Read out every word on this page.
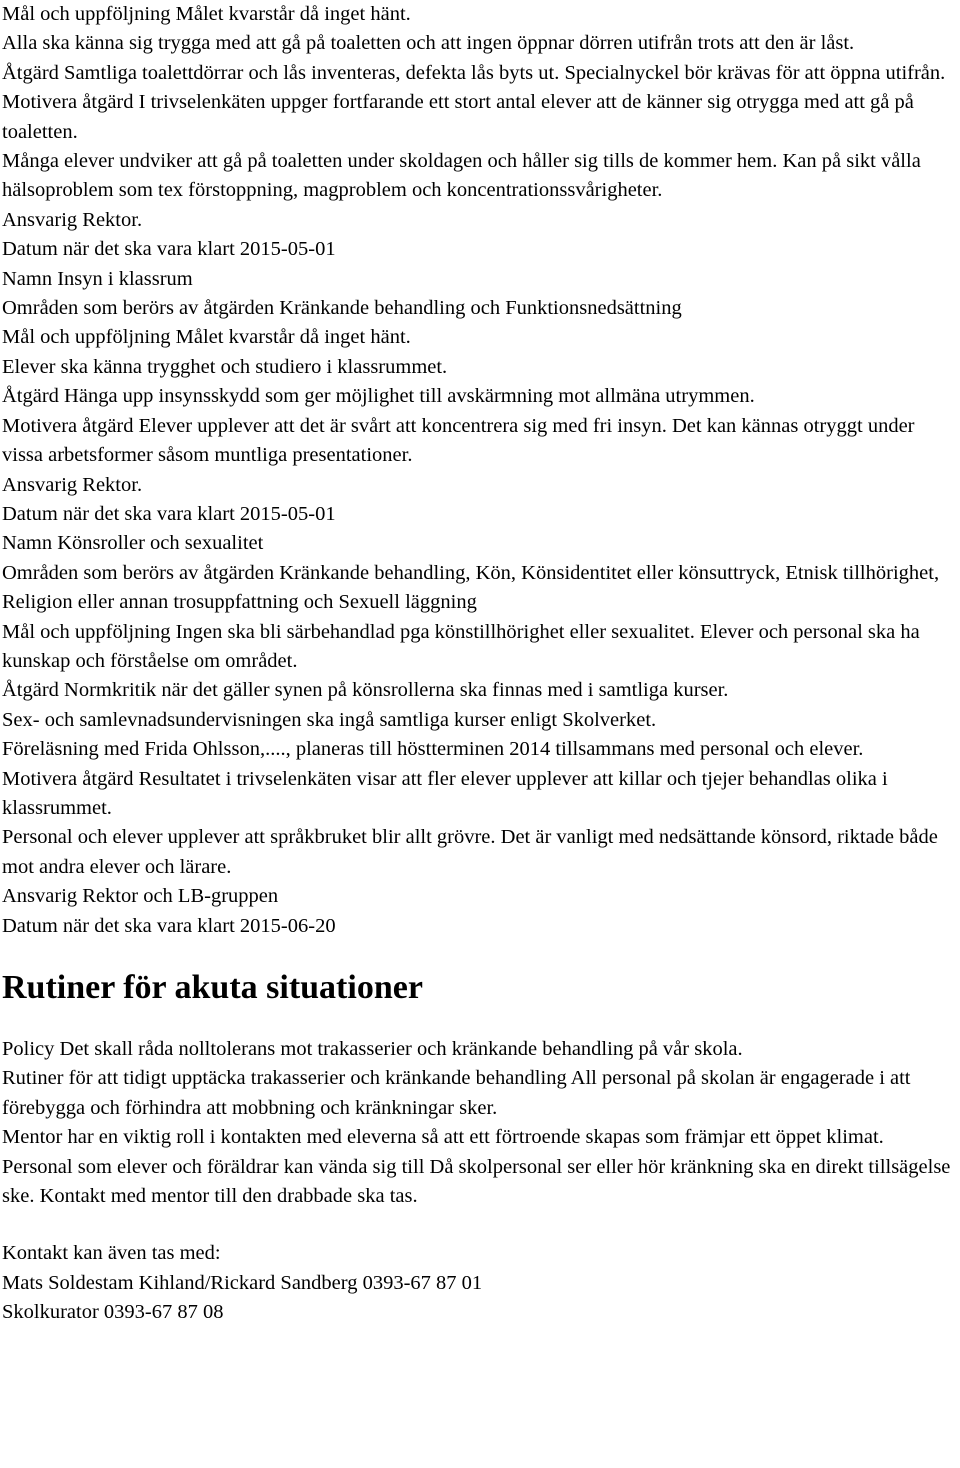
Mål och uppföljning Målet kvarstår då inget hänt.

Alla ska känna sig trygga med att gå på toaletten och att ingen öppnar dörren utifrån trots att den är låst.

Åtgärd Samtliga toalettdörrar och lås inventeras, defekta lås byts ut. Specialnyckel bör krävas för att öppna utifrån.

Motivera åtgärd I trivselenkäten uppger fortfarande ett stort antal elever att de känner sig otrygga med att gå på toaletten.

Många elever undviker att gå på toaletten under skoldagen och håller sig tills de kommer hem. Kan på sikt vålla hälsoproblem som tex förstoppning, magproblem och koncentrationssvårigheter.

Ansvarig Rektor.

Datum när det ska vara klart 2015-05-01

Namn Insyn i klassrum

Områden som berörs av åtgärden Kränkande behandling och Funktionsnedsättning

Mål och uppföljning Målet kvarstår då inget hänt.

Elever ska känna trygghet och studiero i klassrummet.

Åtgärd Hänga upp insynsskydd som ger möjlighet till avskärmning mot allmäna utrymmen.

Motivera åtgärd Elever upplever att det är svårt att koncentrera sig med fri insyn. Det kan kännas otryggt under vissa arbetsformer såsom muntliga presentationer.

Ansvarig Rektor.

Datum när det ska vara klart 2015-05-01

Namn Könsroller och sexualitet

Områden som berörs av åtgärden Kränkande behandling, Kön, Könsidentitet eller könsuttryck, Etnisk tillhörighet, Religion eller annan trosuppfattning och Sexuell läggning

Mål och uppföljning Ingen ska bli särbehandlad pga könstillhörighet eller sexualitet. Elever och personal ska ha kunskap och förståelse om området.

Åtgärd Normkritik när det gäller synen på könsrollerna ska finnas med i samtliga kurser.

Sex- och samlevnadsundervisningen ska ingå samtliga kurser enligt Skolverket.

Föreläsning med Frida Ohlsson,...., planeras till höstterminen 2014 tillsammans med personal och elever.

Motivera åtgärd Resultatet i trivselenkäten visar att fler elever upplever att killar och tjejer behandlas olika i klassrummet.

Personal och elever upplever att språkbruket blir allt grövre. Det är vanligt med nedsättande könsord, riktade både mot andra elever och lärare.

Ansvarig Rektor och LB-gruppen

Datum när det ska vara klart 2015-06-20

Rutiner för akuta situationer

Policy Det skall råda nolltolerans mot trakasserier och kränkande behandling på vår skola.

Rutiner för att tidigt upptäcka trakasserier och kränkande behandling All personal på skolan är engagerade i att förebygga och förhindra att mobbning och kränkningar sker.

Mentor har en viktig roll i kontakten med eleverna så att ett förtroende skapas som främjar ett öppet klimat.

Personal som elever och föräldrar kan vända sig till Då skolpersonal ser eller hör kränkning ska en direkt tillsägelse ske. Kontakt med mentor till den drabbade ska tas.

Kontakt kan även tas med:

Mats Soldestam Kihland/Rickard Sandberg 0393-67 87 01

Skolkurator 0393-67 87 08
